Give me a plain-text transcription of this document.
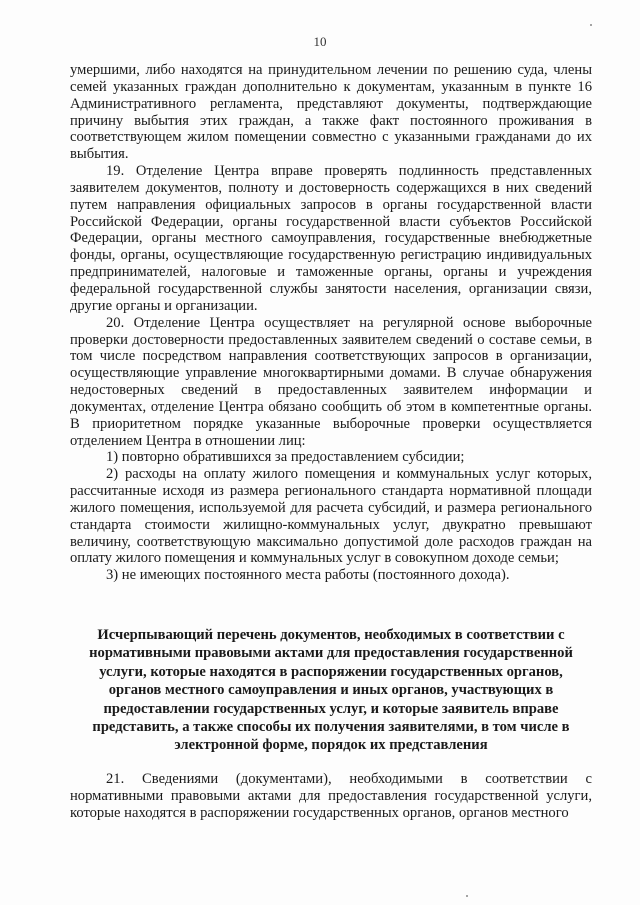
10

умершими, либо находятся на принудительном лечении по решению суда, члены семей указанных граждан дополнительно к документам, указанным в пункте 16 Административного регламента, представляют документы, подтверждающие причину выбытия этих граждан, а также факт постоянного проживания в соответствующем жилом помещении совместно с указанными гражданами до их выбытия.

19. Отделение Центра вправе проверять подлинность представленных заявителем документов, полноту и достоверность содержащихся в них сведений путем направления официальных запросов в органы государственной власти Российской Федерации, органы государственной власти субъектов Российской Федерации, органы местного самоуправления, государственные внебюджетные фонды, органы, осуществляющие государственную регистрацию индивидуальных предпринимателей, налоговые и таможенные органы, органы и учреждения федеральной государственной службы занятости населения, организации связи, другие органы и организации.

20. Отделение Центра осуществляет на регулярной основе выборочные проверки достоверности предоставленных заявителем сведений о составе семьи, в том числе посредством направления соответствующих запросов в организации, осуществляющие управление многоквартирными домами. В случае обнаружения недостоверных сведений в предоставленных заявителем информации и документах, отделение Центра обязано сообщить об этом в компетентные органы. В приоритетном порядке указанные выборочные проверки осуществляется отделением Центра в отношении лиц:

1) повторно обратившихся за предоставлением субсидии;

2) расходы на оплату жилого помещения и коммунальных услуг которых, рассчитанные исходя из размера регионального стандарта нормативной площади жилого помещения, используемой для расчета субсидий, и размера регионального стандарта стоимости жилищно-коммунальных услуг, двукратно превышают величину, соответствующую максимально допустимой доле расходов граждан на оплату жилого помещения и коммунальных услуг в совокупном доходе семьи;

3) не имеющих постоянного места работы (постоянного дохода).

Исчерпывающий перечень документов, необходимых в соответствии с нормативными правовыми актами для предоставления государственной услуги, которые находятся в распоряжении государственных органов, органов местного самоуправления и иных органов, участвующих в предоставлении государственных услуг, и которые заявитель вправе представить, а также способы их получения заявителями, в том числе в электронной форме, порядок их представления

21. Сведениями (документами), необходимыми в соответствии с нормативными правовыми актами для предоставления государственной услуги, которые находятся в распоряжении государственных органов, органов местного
